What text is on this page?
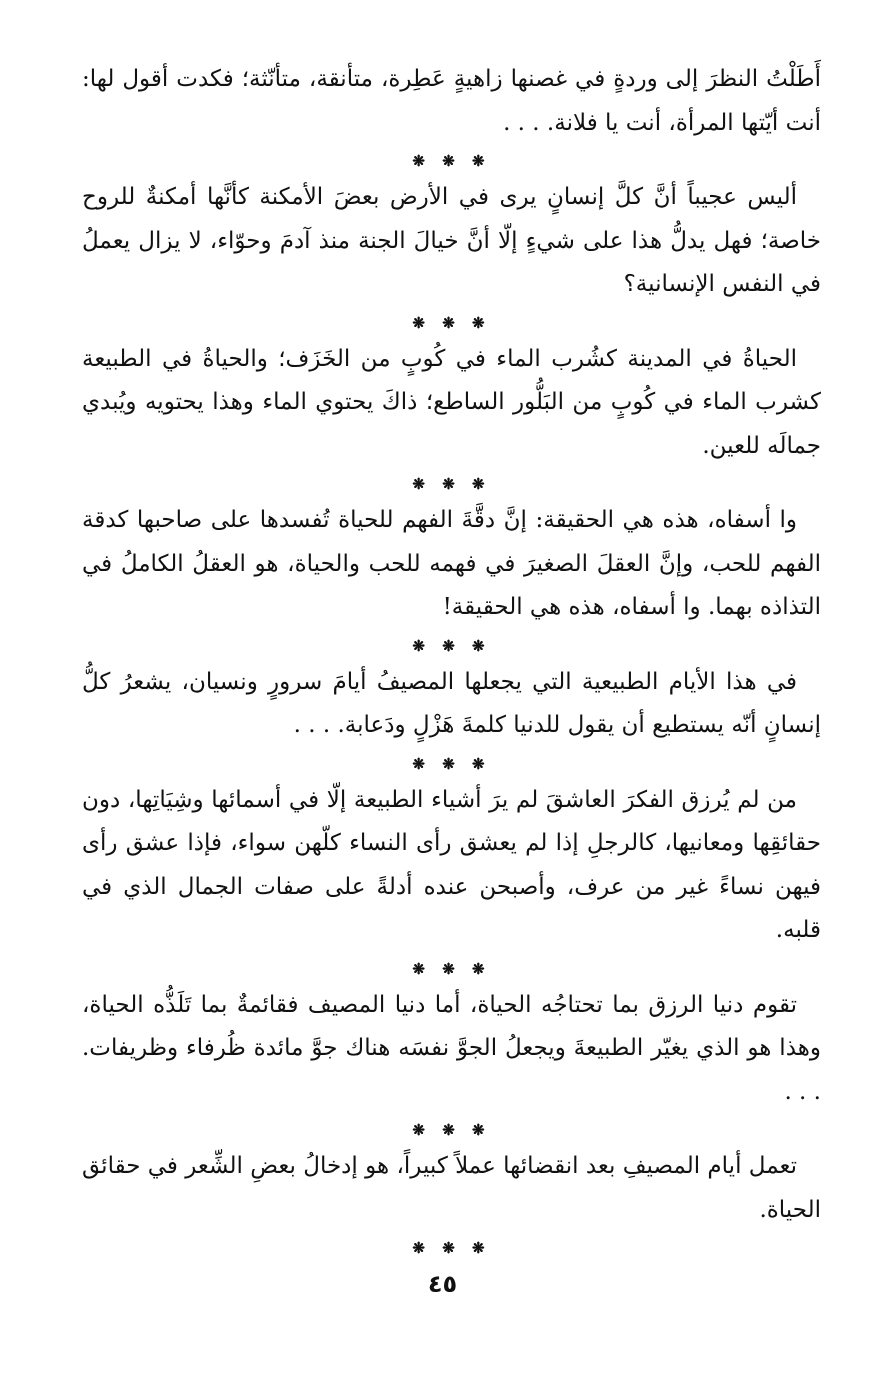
أَطَلْتُ النظرَ إلى وردةٍ في غصنها زاهيةٍ عَطِرة، متأنقة، متأنّثة؛ فكدت أقول لها: أنت أيّتها المرأة، أنت يا فلانة. . . .

❋ ❋ ❋

أليس عجيباً أنَّ كلَّ إنسانٍ يرى في الأرض بعضَ الأمكنة كأنَّها أمكنةٌ للروح خاصة؛ فهل يدلُّ هذا على شيءٍ إلّا أنَّ خيالَ الجنة منذ آدمَ وحوّاء، لا يزال يعملُ في النفس الإنسانية؟

❋ ❋ ❋

الحياةُ في المدينة كشُرب الماء في كُوبٍ من الخَزَف؛ والحياةُ في الطبيعة كشرب الماء في كُوبٍ من البَلُّور الساطع؛ ذاكَ يحتوي الماء وهذا يحتويه ويُبدي جمالَه للعين.

❋ ❋ ❋

وا أسفاه، هذه هي الحقيقة: إنَّ دقَّةَ الفهم للحياة تُفسدها على صاحبها كدقة الفهم للحب، وإنَّ العقلَ الصغيرَ في فهمه للحب والحياة، هو العقلُ الكاملُ في التذاذه بهما. وا أسفاه، هذه هي الحقيقة!

❋ ❋ ❋

في هذا الأيام الطبيعية التي يجعلها المصيفُ أيامَ سرورٍ ونسيان، يشعرُ كلُّ إنسانٍ أنّه يستطيع أن يقول للدنيا كلمةَ هَزْلٍ ودَعابة. . . .

❋ ❋ ❋

من لم يُرزق الفكرَ العاشقَ لم يرَ أشياء الطبيعة إلّا في أسمائها وشِيَاتِها، دون حقائقِها ومعانيها، كالرجلِ إذا لم يعشق رأى النساء كلّهن سواء، فإذا عشق رأى فيهن نساءً غير من عرف، وأصبحن عنده أدلةً على صفات الجمال الذي في قلبه.

❋ ❋ ❋

تقوم دنيا الرزق بما تحتاجُه الحياة، أما دنيا المصيف فقائمةٌ بما تَلَذُّه الحياة، وهذا هو الذي يغيّر الطبيعةَ ويجعلُ الجوَّ نفسَه هناك جوَّ مائدة ظُرفاء وظريفات. . . .

❋ ❋ ❋

تعمل أيام المصيفِ بعد انقضائها عملاً كبيراً، هو إدخالُ بعضِ الشِّعر في حقائق الحياة.

❋ ❋ ❋
٤٥
